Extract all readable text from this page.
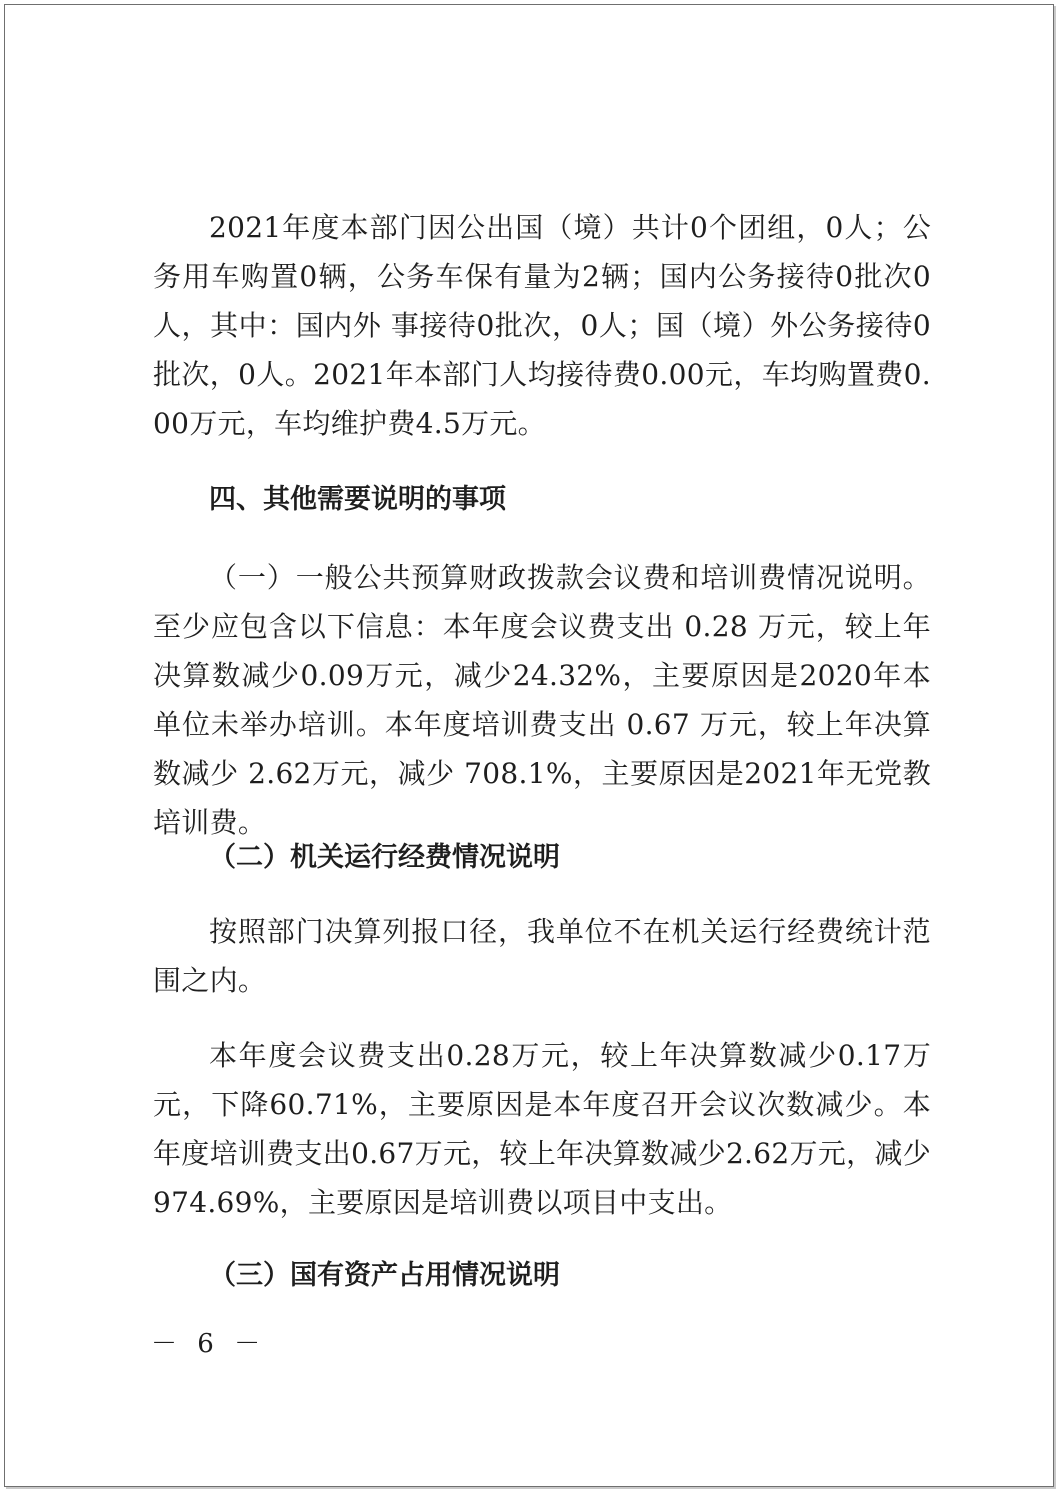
2021年度本部门因公出国（境）共计0个团组，0人；公务用车购置0辆，公务车保有量为2辆；国内公务接待0批次0人，其中：国内外 事接待0批次，0人；国（境）外公务接待0批次，0人。2021年本部门人均接待费0.00元，车均购置费0.00万元，车均维护费4.5万元。

四、其他需要说明的事项

（一）一般公共预算财政拨款会议费和培训费情况说明。至少应包含以下信息：本年度会议费支出 0.28 万元，较上年决算数减少0.09万元，减少24.32%，主要原因是2020年本单位未举办培训。本年度培训费支出 0.67 万元，较上年决算数减少 2.62万元，减少 708.1%，主要原因是2021年无党教培训费。

（二）机关运行经费情况说明

按照部门决算列报口径，我单位不在机关运行经费统计范围之内。

本年度会议费支出0.28万元，较上年决算数减少0.17万元，下降60.71%，主要原因是本年度召开会议次数减少。本年度培训费支出0.67万元，较上年决算数减少2.62万元，减少974.69%，主要原因是培训费以项目中支出。

（三）国有资产占用情况说明

－ 6 －
